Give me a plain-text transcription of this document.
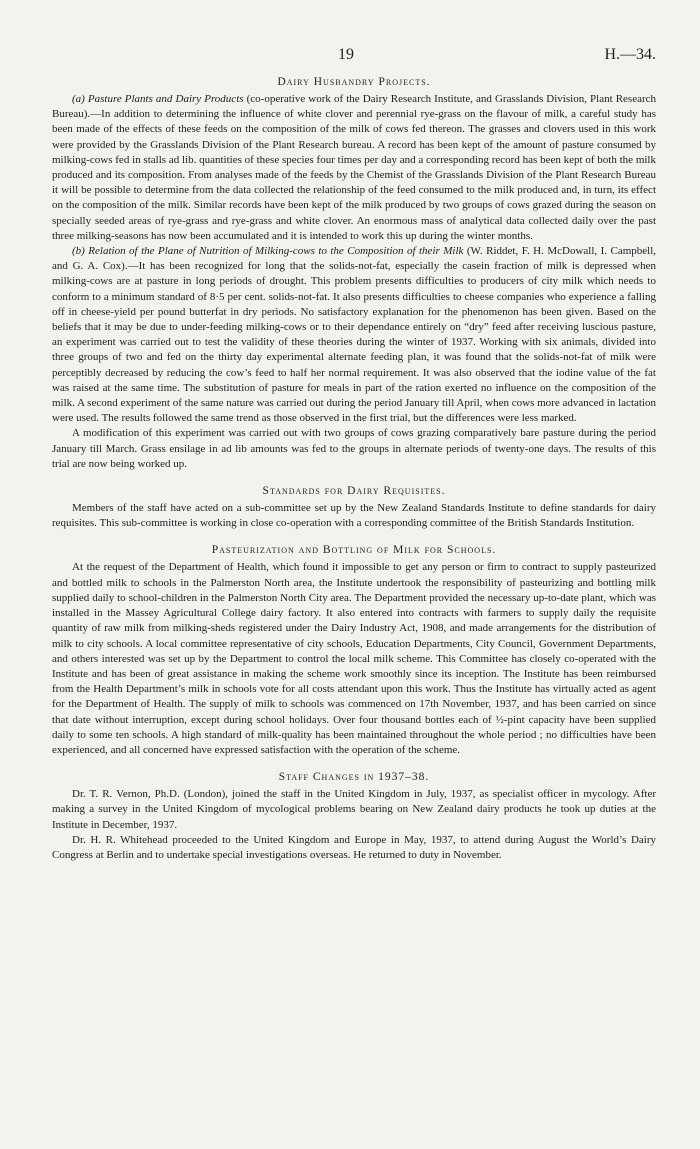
19	H.—34.
Dairy Husbandry Projects.

(a) Pasture Plants and Dairy Products (co-operative work of the Dairy Research Institute, and Grasslands Division, Plant Research Bureau).—In addition to determining the influence of white clover and perennial rye-grass on the flavour of milk, a careful study has been made of the effects of these feeds on the composition of the milk of cows fed thereon. The grasses and clovers used in this work were provided by the Grasslands Division of the Plant Research bureau. A record has been kept of the amount of pasture consumed by milking-cows fed in stalls ad lib. quantities of these species four times per day and a corresponding record has been kept of both the milk produced and its composition. From analyses made of the feeds by the Chemist of the Grasslands Division of the Plant Research Bureau it will be possible to determine from the data collected the relationship of the feed consumed to the milk produced and, in turn, its effect on the composition of the milk. Similar records have been kept of the milk produced by two groups of cows grazed during the season on specially seeded areas of rye-grass and rye-grass and white clover. An enormous mass of analytical data collected daily over the past three milking-seasons has now been accumulated and it is intended to work this up during the winter months.

(b) Relation of the Plane of Nutrition of Milking-cows to the Composition of their Milk (W. Riddet, F. H. McDowall, I. Campbell, and G. A. Cox).—It has been recognized for long that the solids-not-fat, especially the casein fraction of milk is depressed when milking-cows are at pasture in long periods of drought. This problem presents difficulties to producers of city milk which needs to conform to a minimum standard of 8·5 per cent. solids-not-fat. It also presents difficulties to cheese companies who experience a falling off in cheese-yield per pound butterfat in dry periods. No satisfactory explanation for the phenomenon has been given. Based on the beliefs that it may be due to under-feeding milking-cows or to their dependance entirely on “dry” feed after receiving luscious pasture, an experiment was carried out to test the validity of these theories during the winter of 1937. Working with six animals, divided into three groups of two and fed on the thirty day experimental alternate feeding plan, it was found that the solids-not-fat of milk were perceptibly decreased by reducing the cow’s feed to half her normal requirement. It was also observed that the iodine value of the fat was raised at the same time. The substitution of pasture for meals in part of the ration exerted no influence on the composition of the milk. A second experiment of the same nature was carried out during the period January till April, when cows more advanced in lactation were used. The results followed the same trend as those observed in the first trial, but the differences were less marked.

A modification of this experiment was carried out with two groups of cows grazing comparatively bare pasture during the period January till March. Grass ensilage in ad lib amounts was fed to the groups in alternate periods of twenty-one days. The results of this trial are now being worked up.

Standards for Dairy Requisites.

Members of the staff have acted on a sub-committee set up by the New Zealand Standards Institute to define standards for dairy requisites. This sub-committee is working in close co-operation with a corresponding committee of the British Standards Institution.

Pasteurization and Bottling of Milk for Schools.

At the request of the Department of Health, which found it impossible to get any person or firm to contract to supply pasteurized and bottled milk to schools in the Palmerston North area, the Institute undertook the responsibility of pasteurizing and bottling milk supplied daily to school-children in the Palmerston North City area. The Department provided the necessary up-to-date plant, which was installed in the Massey Agricultural College dairy factory. It also entered into contracts with farmers to supply daily the requisite quantity of raw milk from milking-sheds registered under the Dairy Industry Act, 1908, and made arrangements for the distribution of milk to city schools. A local committee representative of city schools, Education Departments, City Council, Government Departments, and others interested was set up by the Department to control the local milk scheme. This Committee has closely co-operated with the Institute and has been of great assistance in making the scheme work smoothly since its inception. The Institute has been reimbursed from the Health Department’s milk in schools vote for all costs attendant upon this work. Thus the Institute has virtually acted as agent for the Department of Health. The supply of milk to schools was commenced on 17th November, 1937, and has been carried on since that date without interruption, except during school holidays. Over four thousand bottles each of ½-pint capacity have been supplied daily to some ten schools. A high standard of milk-quality has been maintained throughout the whole period ; no difficulties have been experienced, and all concerned have expressed satisfaction with the operation of the scheme.

Staff Changes in 1937–38.

Dr. T. R. Vernon, Ph.D. (London), joined the staff in the United Kingdom in July, 1937, as specialist officer in mycology. After making a survey in the United Kingdom of mycological problems bearing on New Zealand dairy products he took up duties at the Institute in December, 1937.

Dr. H. R. Whitehead proceeded to the United Kingdom and Europe in May, 1937, to attend during August the World’s Dairy Congress at Berlin and to undertake special investigations overseas. He returned to duty in November.
